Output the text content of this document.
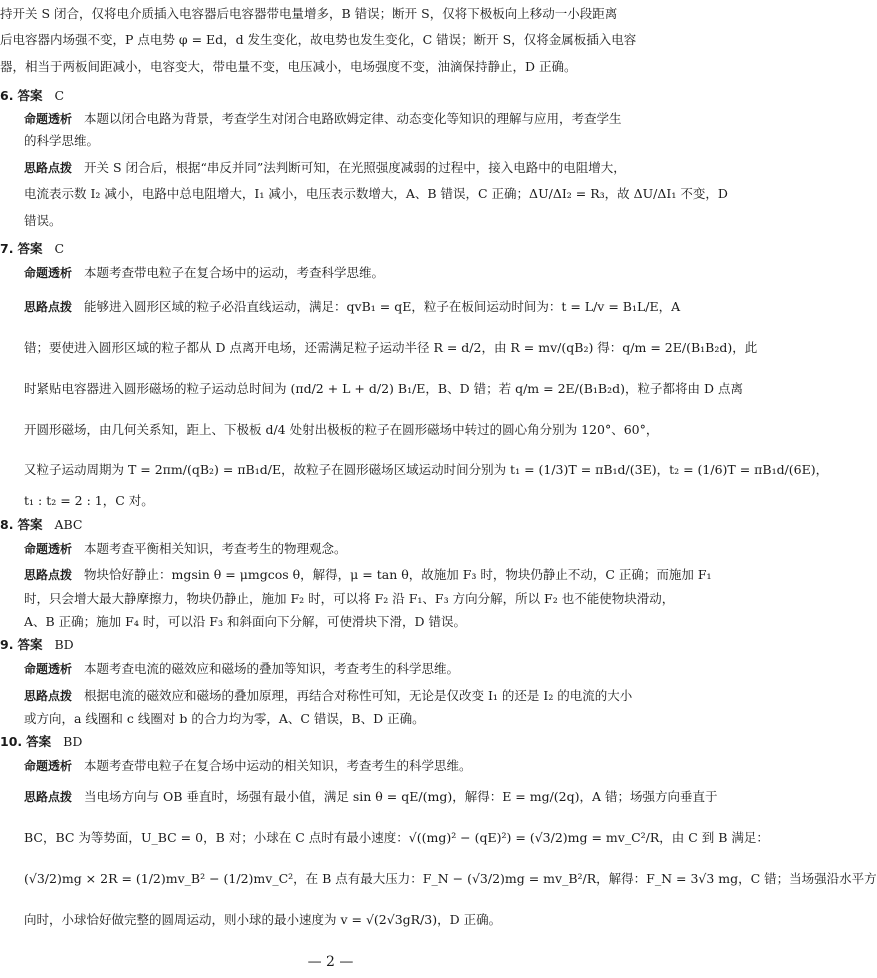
持开关 S 闭合，仅将电介质插入电容器后电容器带电量增多，B 错误；断开 S，仅将下极板向上移动一小段距离
后电容器内场强不变，P 点电势 φ = Ed，d 发生变化，故电势也发生变化，C 错误；断开 S，仅将金属板插入电容
器，相当于两板间距减小，电容变大，带电量不变，电压减小，电场强度不变，油滴保持静止，D 正确。
6. 答案 C
命题透析 本题以闭合电路为背景，考查学生对闭合电路欧姆定律、动态变化等知识的理解与应用，考查学生
的科学思维。
思路点拨 开关 S 闭合后，根据“串反并同”法判断可知，在光照强度减弱的过程中，接入电路中的电阻增大，
电流表示数 I₂ 减小，电路中总电阻增大，I₁ 减小，电压表示数增大，A、B 错误，C 正确；ΔU/ΔI₂ = R₃，故 ΔU/ΔI₁ 不变，D
错误。
7. 答案 C
命题透析 本题考查带电粒子在复合场中的运动，考查科学思维。
思路点拨 能够进入圆形区域的粒子必沿直线运动，满足：qvB₁ = qE，粒子在板间运动时间为：t = L/v = B₁L/E，A
错；要使进入圆形区域的粒子都从 D 点离开电场，还需满足粒子运动半径 R = d/2，由 R = mv/(qB₂) 得：q/m = 2E/(B₁B₂d)，此
时紧贴电容器进入圆形磁场的粒子运动总时间为 (πd/2 + L + d/2) B₁/E，B、D 错；若 q/m = 2E/(B₁B₂d)，粒子都将由 D 点离
开圆形磁场，由几何关系知，距上、下极板 d/4 处射出极板的粒子在圆形磁场中转过的圆心角分别为 120°、60°，
又粒子运动周期为 T = 2πm/(qB₂) = πB₁d/E，故粒子在圆形磁场区域运动时间分别为 t₁ = (1/3)T = πB₁d/(3E)，t₂ = (1/6)T = πB₁d/(6E)，
t₁ : t₂ = 2 : 1，C 对。
8. 答案 ABC
命题透析 本题考查平衡相关知识，考查考生的物理观念。
思路点拨 物块恰好静止：mgsin θ = μmgcos θ，解得，μ = tan θ，故施加 F₃ 时，物块仍静止不动，C 正确；而施加 F₁
时，只会增大最大静摩擦力，物块仍静止，施加 F₂ 时，可以将 F₂ 沿 F₁、F₃ 方向分解，所以 F₂ 也不能使物块滑动，
A、B 正确；施加 F₄ 时，可以沿 F₃ 和斜面向下分解，可使滑块下滑，D 错误。
9. 答案 BD
命题透析 本题考查电流的磁效应和磁场的叠加等知识，考查考生的科学思维。
思路点拨 根据电流的磁效应和磁场的叠加原理，再结合对称性可知，无论是仅改变 I₁ 的还是 I₂ 的电流的大小
或方向，a 线圈和 c 线圈对 b 的合力均为零，A、C 错误，B、D 正确。
10. 答案 BD
命题透析 本题考查带电粒子在复合场中运动的相关知识，考查考生的科学思维。
思路点拨 当电场方向与 OB 垂直时，场强有最小值，满足 sin θ = qE/(mg)，解得：E = mg/(2q)，A 错；场强方向垂直于
BC，BC 为等势面，U_BC = 0，B 对；小球在 C 点时有最小速度：√((mg)² − (qE)²) = (√3/2)mg = mv_C²/R，由 C 到 B 满足：
(√3/2)mg × 2R = (1/2)mv_B² − (1/2)mv_C²，在 B 点有最大压力：F_N − (√3/2)mg = mv_B²/R，解得：F_N = 3√3 mg，C 错；当场强沿水平方
向时，小球恰好做完整的圆周运动，则小球的最小速度为 v = √(2√3gR/3)，D 正确。
— 2 —
